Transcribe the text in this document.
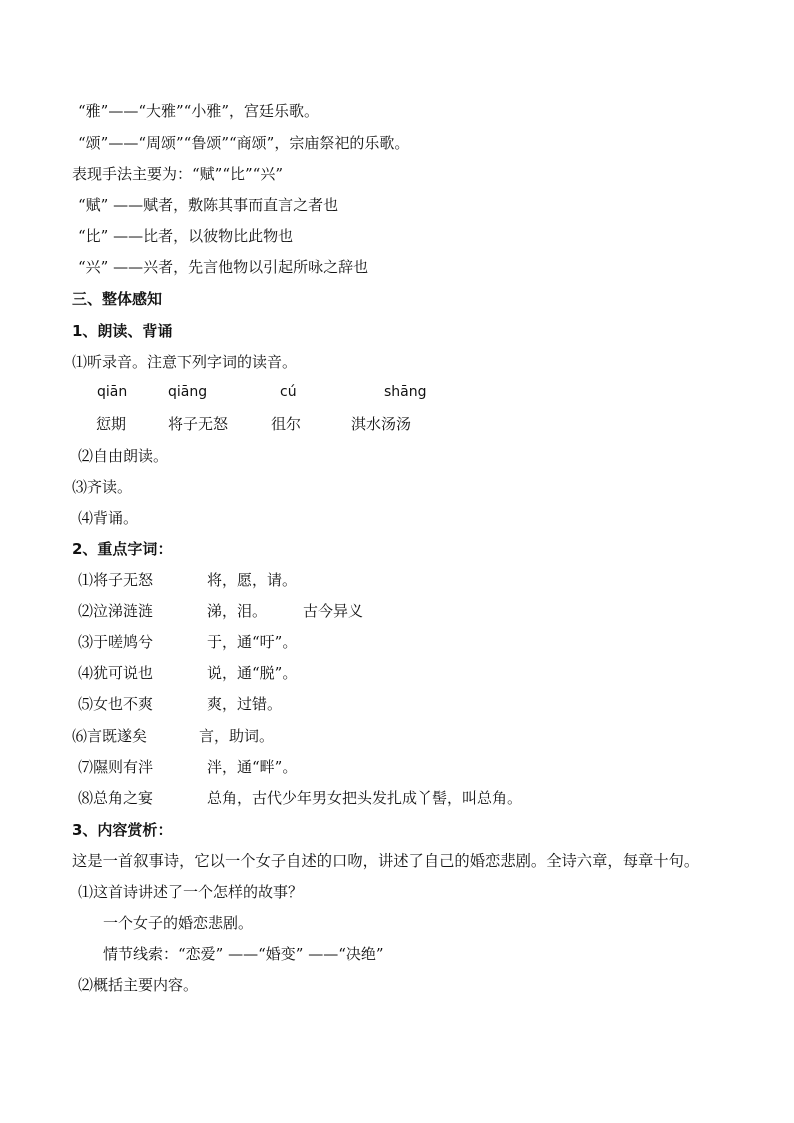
“雅”——“大雅”“小雅”，宫廷乐歌。
“颂”——“周颂”“鲁颂”“商颂”，宗庙祭祀的乐歌。
表现手法主要为：“赋”“比”“兴”
“赋” ——赋者，敷陈其事而直言之者也
“比” ——比者，以彼物比此物也
“兴” ——兴者，先言他物以引起所咏之辞也
三、整体感知
1、朗读、背诵
⑴听录音。注意下列字词的读音。
qiān	qiāng	cú	shāng
愆期	将子无怒	徂尔	淇水汤汤
⑵自由朗读。
⑶齐读。
⑷背诵。
2、重点字词：
⑴将子无怒	将，愿，请。
⑵泣涕涟涟	涕，泪。 古今异义
⑶于嗟鸠兮	于，通“吁”。
⑷犹可说也	说，通“脱”。
⑸女也不爽	爽，过错。
⑹言既遂矣	言，助词。
⑺隰则有泮	泮，通“畔”。
⑻总角之宴	总角，古代少年男女把头发扎成丫髻，叫总角。
3、内容赏析：
这是一首叙事诗，它以一个女子自述的口吻，讲述了自己的婚恋悲剧。全诗六章，每章十句。
⑴这首诗讲述了一个怎样的故事？
一个女子的婚恋悲剧。
情节线索：“恋爱” ——“婚变” ——“决绝”
⑵概括主要内容。
